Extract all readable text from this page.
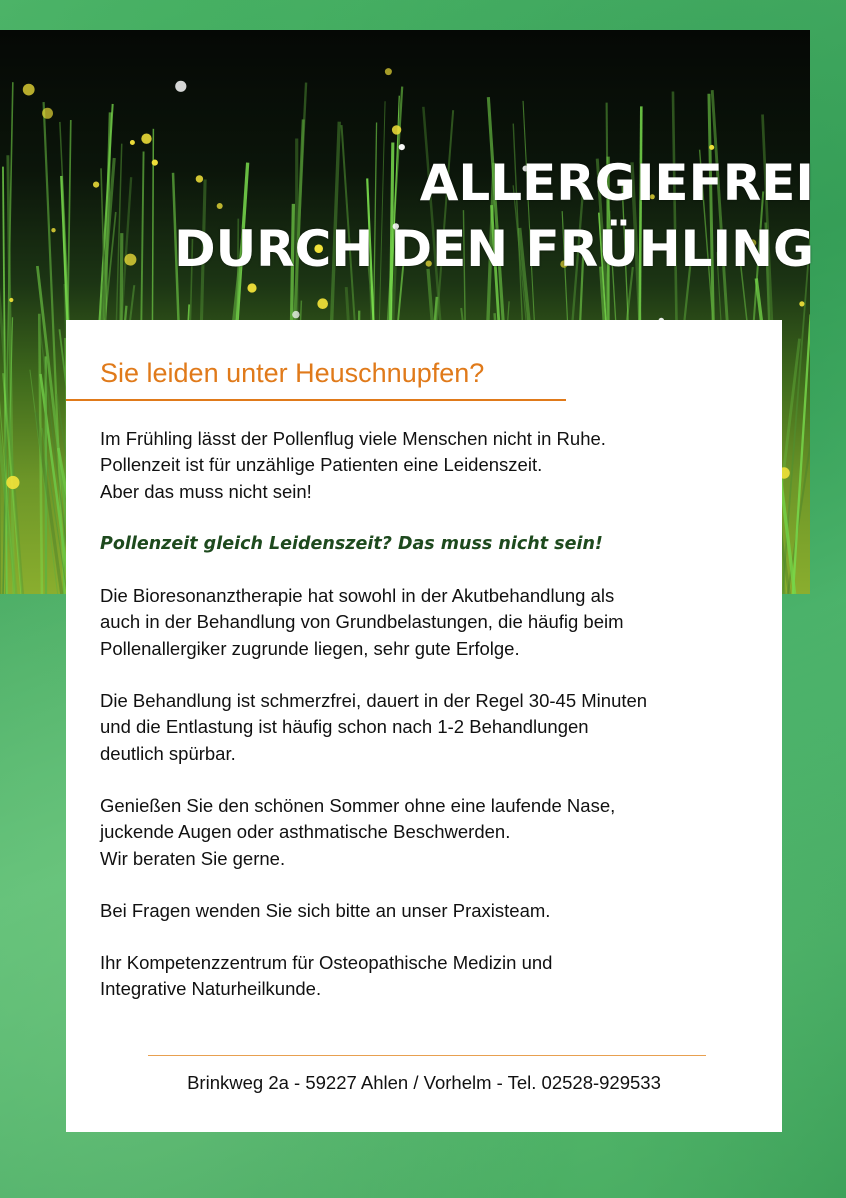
ALLERGIEFREI
DURCH DEN FRÜHLING
Sie leiden unter Heuschnupfen?

Im Frühling lässt der Pollenflug viele Menschen nicht in Ruhe.
Pollenzeit ist für unzählige Patienten eine Leidenszeit.
Aber das muss nicht sein!

Pollenzeit gleich Leidenszeit? Das muss nicht sein!

Die Bioresonanztherapie hat sowohl in der Akutbehandlung als
auch in der Behandlung von Grundbelastungen, die häufig beim
Pollenallergiker zugrunde liegen, sehr gute Erfolge.

Die Behandlung ist schmerzfrei, dauert in der Regel 30-45 Minuten
und die Entlastung ist häufig schon nach 1-2 Behandlungen
deutlich spürbar.

Genießen Sie den schönen Sommer ohne eine laufende Nase,
juckende Augen oder asthmatische Beschwerden.
Wir beraten Sie gerne.

Bei Fragen wenden Sie sich bitte an unser Praxisteam.

Ihr Kompetenzzentrum für Osteopathische Medizin und
Integrative Naturheilkunde.

Brinkweg 2a - 59227 Ahlen / Vorhelm - Tel. 02528-929533
